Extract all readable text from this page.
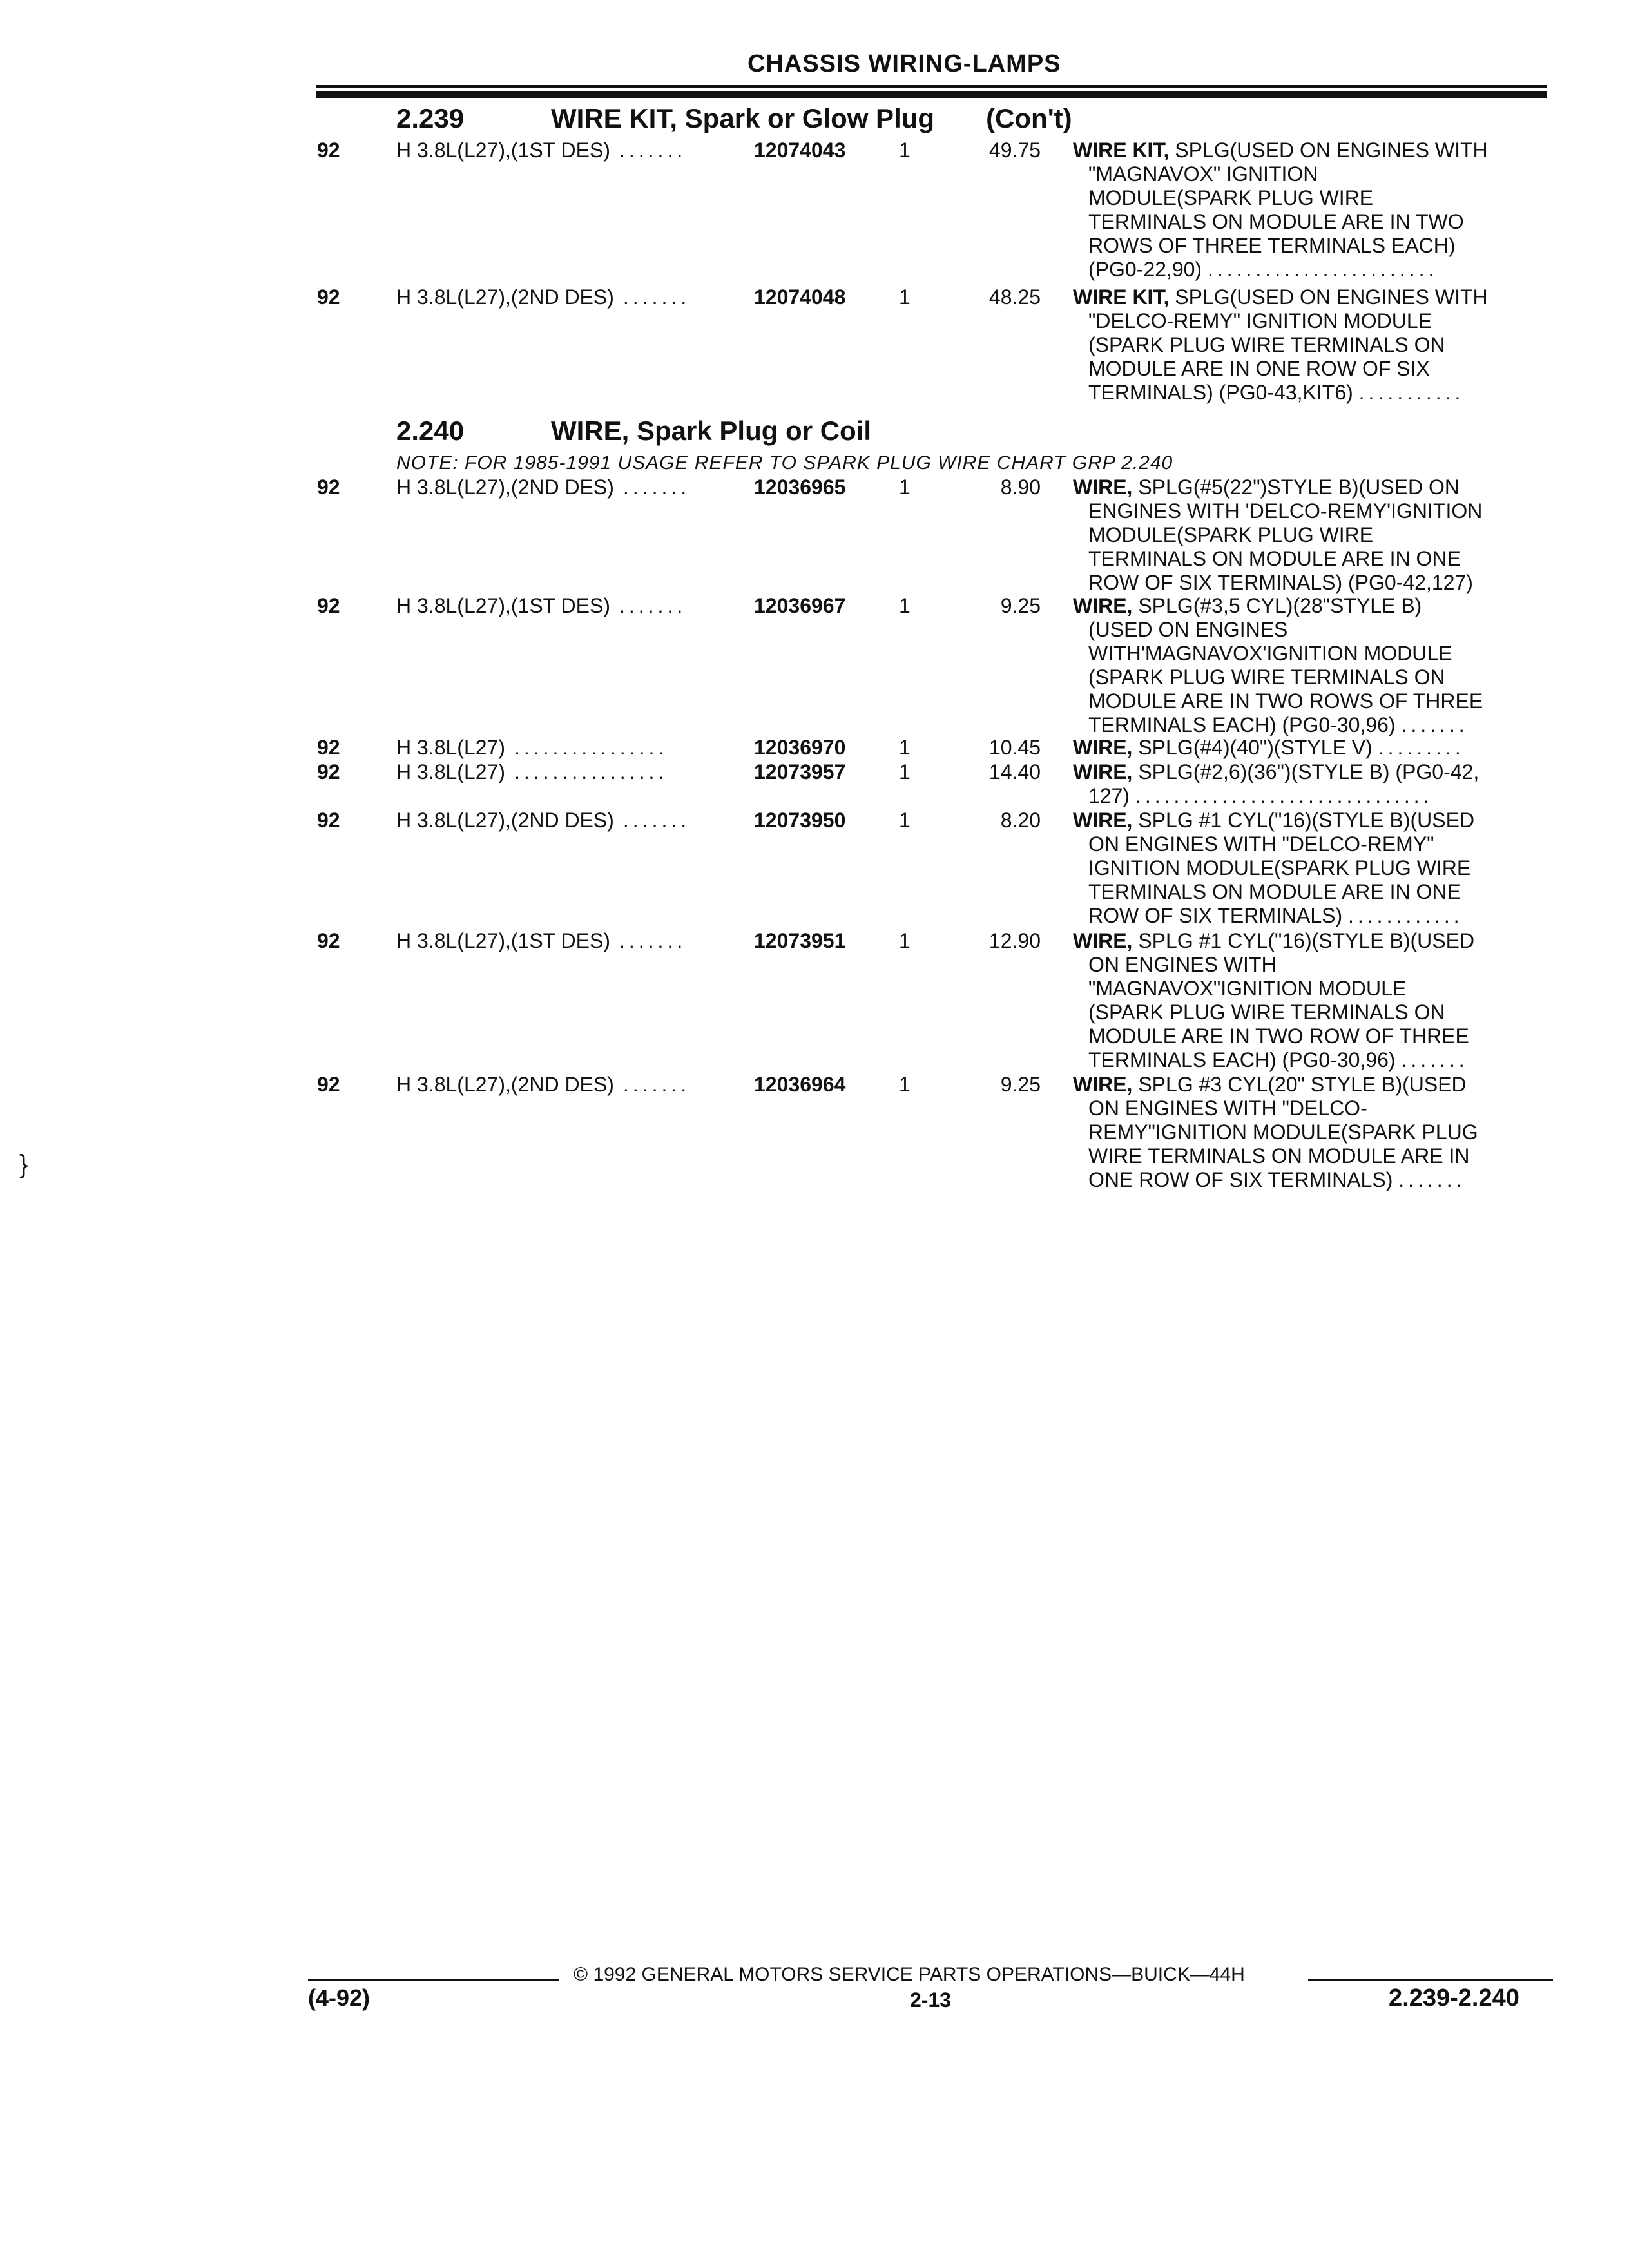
CHASSIS WIRING-LAMPS
2.239	WIRE KIT, Spark or Glow Plug (Con't)
92	H 3.8L(L27),(1ST DES) .......	12074043	1	49.75 WIRE KIT, SPLG(USED ON ENGINES WITH
"MAGNAVOX" IGNITION
MODULE(SPARK PLUG WIRE
TERMINALS ON MODULE ARE IN TWO
ROWS OF THREE TERMINALS EACH)
(PG0-22,90) ........................
92	H 3.8L(L27),(2ND DES) .......	12074048	1	48.25 WIRE KIT, SPLG(USED ON ENGINES WITH
"DELCO-REMY" IGNITION MODULE
(SPARK PLUG WIRE TERMINALS ON
MODULE ARE IN ONE ROW OF SIX
TERMINALS) (PG0-43,KIT6) ...........
2.240	WIRE, Spark Plug or Coil
NOTE: FOR 1985-1991 USAGE REFER TO SPARK PLUG WIRE CHART GRP 2.240
92	H 3.8L(L27),(2ND DES) .......	12036965	1	8.90 WIRE, SPLG(#5(22")STYLE B)(USED ON
ENGINES WITH 'DELCO-REMY'IGNITION
MODULE(SPARK PLUG WIRE
TERMINALS ON MODULE ARE IN ONE
ROW OF SIX TERMINALS) (PG0-42,127)
92	H 3.8L(L27),(1ST DES) .......	12036967	1	9.25 WIRE, SPLG(#3,5 CYL)(28"STYLE B)
(USED ON ENGINES
WITH'MAGNAVOX'IGNITION MODULE
(SPARK PLUG WIRE TERMINALS ON
MODULE ARE IN TWO ROWS OF THREE
TERMINALS EACH) (PG0-30,96) .......
92	H 3.8L(L27) ................	12036970	1	10.45 WIRE, SPLG(#4)(40")(STYLE V) .........
92	H 3.8L(L27) ................	12073957	1	14.40 WIRE, SPLG(#2,6)(36")(STYLE B) (PG0-42,
127) ...............................
92	H 3.8L(L27),(2ND DES) .......	12073950	1	8.20 WIRE, SPLG #1 CYL("16)(STYLE B)(USED
ON ENGINES WITH "DELCO-REMY"
IGNITION MODULE(SPARK PLUG WIRE
TERMINALS ON MODULE ARE IN ONE
ROW OF SIX TERMINALS) ............
92	H 3.8L(L27),(1ST DES) .......	12073951	1	12.90 WIRE, SPLG #1 CYL("16)(STYLE B)(USED
ON ENGINES WITH
"MAGNAVOX"IGNITION MODULE
(SPARK PLUG WIRE TERMINALS ON
MODULE ARE IN TWO ROW OF THREE
TERMINALS EACH) (PG0-30,96) .......
92	H 3.8L(L27),(2ND DES) .......	12036964	1	9.25 WIRE, SPLG #3 CYL(20" STYLE B)(USED
ON ENGINES WITH "DELCO-
REMY"IGNITION MODULE(SPARK PLUG
WIRE TERMINALS ON MODULE ARE IN
ONE ROW OF SIX TERMINALS) .......
© 1992 GENERAL MOTORS SERVICE PARTS OPERATIONS—BUICK—44H
(4-92)	2-13	2.239-2.240
}
